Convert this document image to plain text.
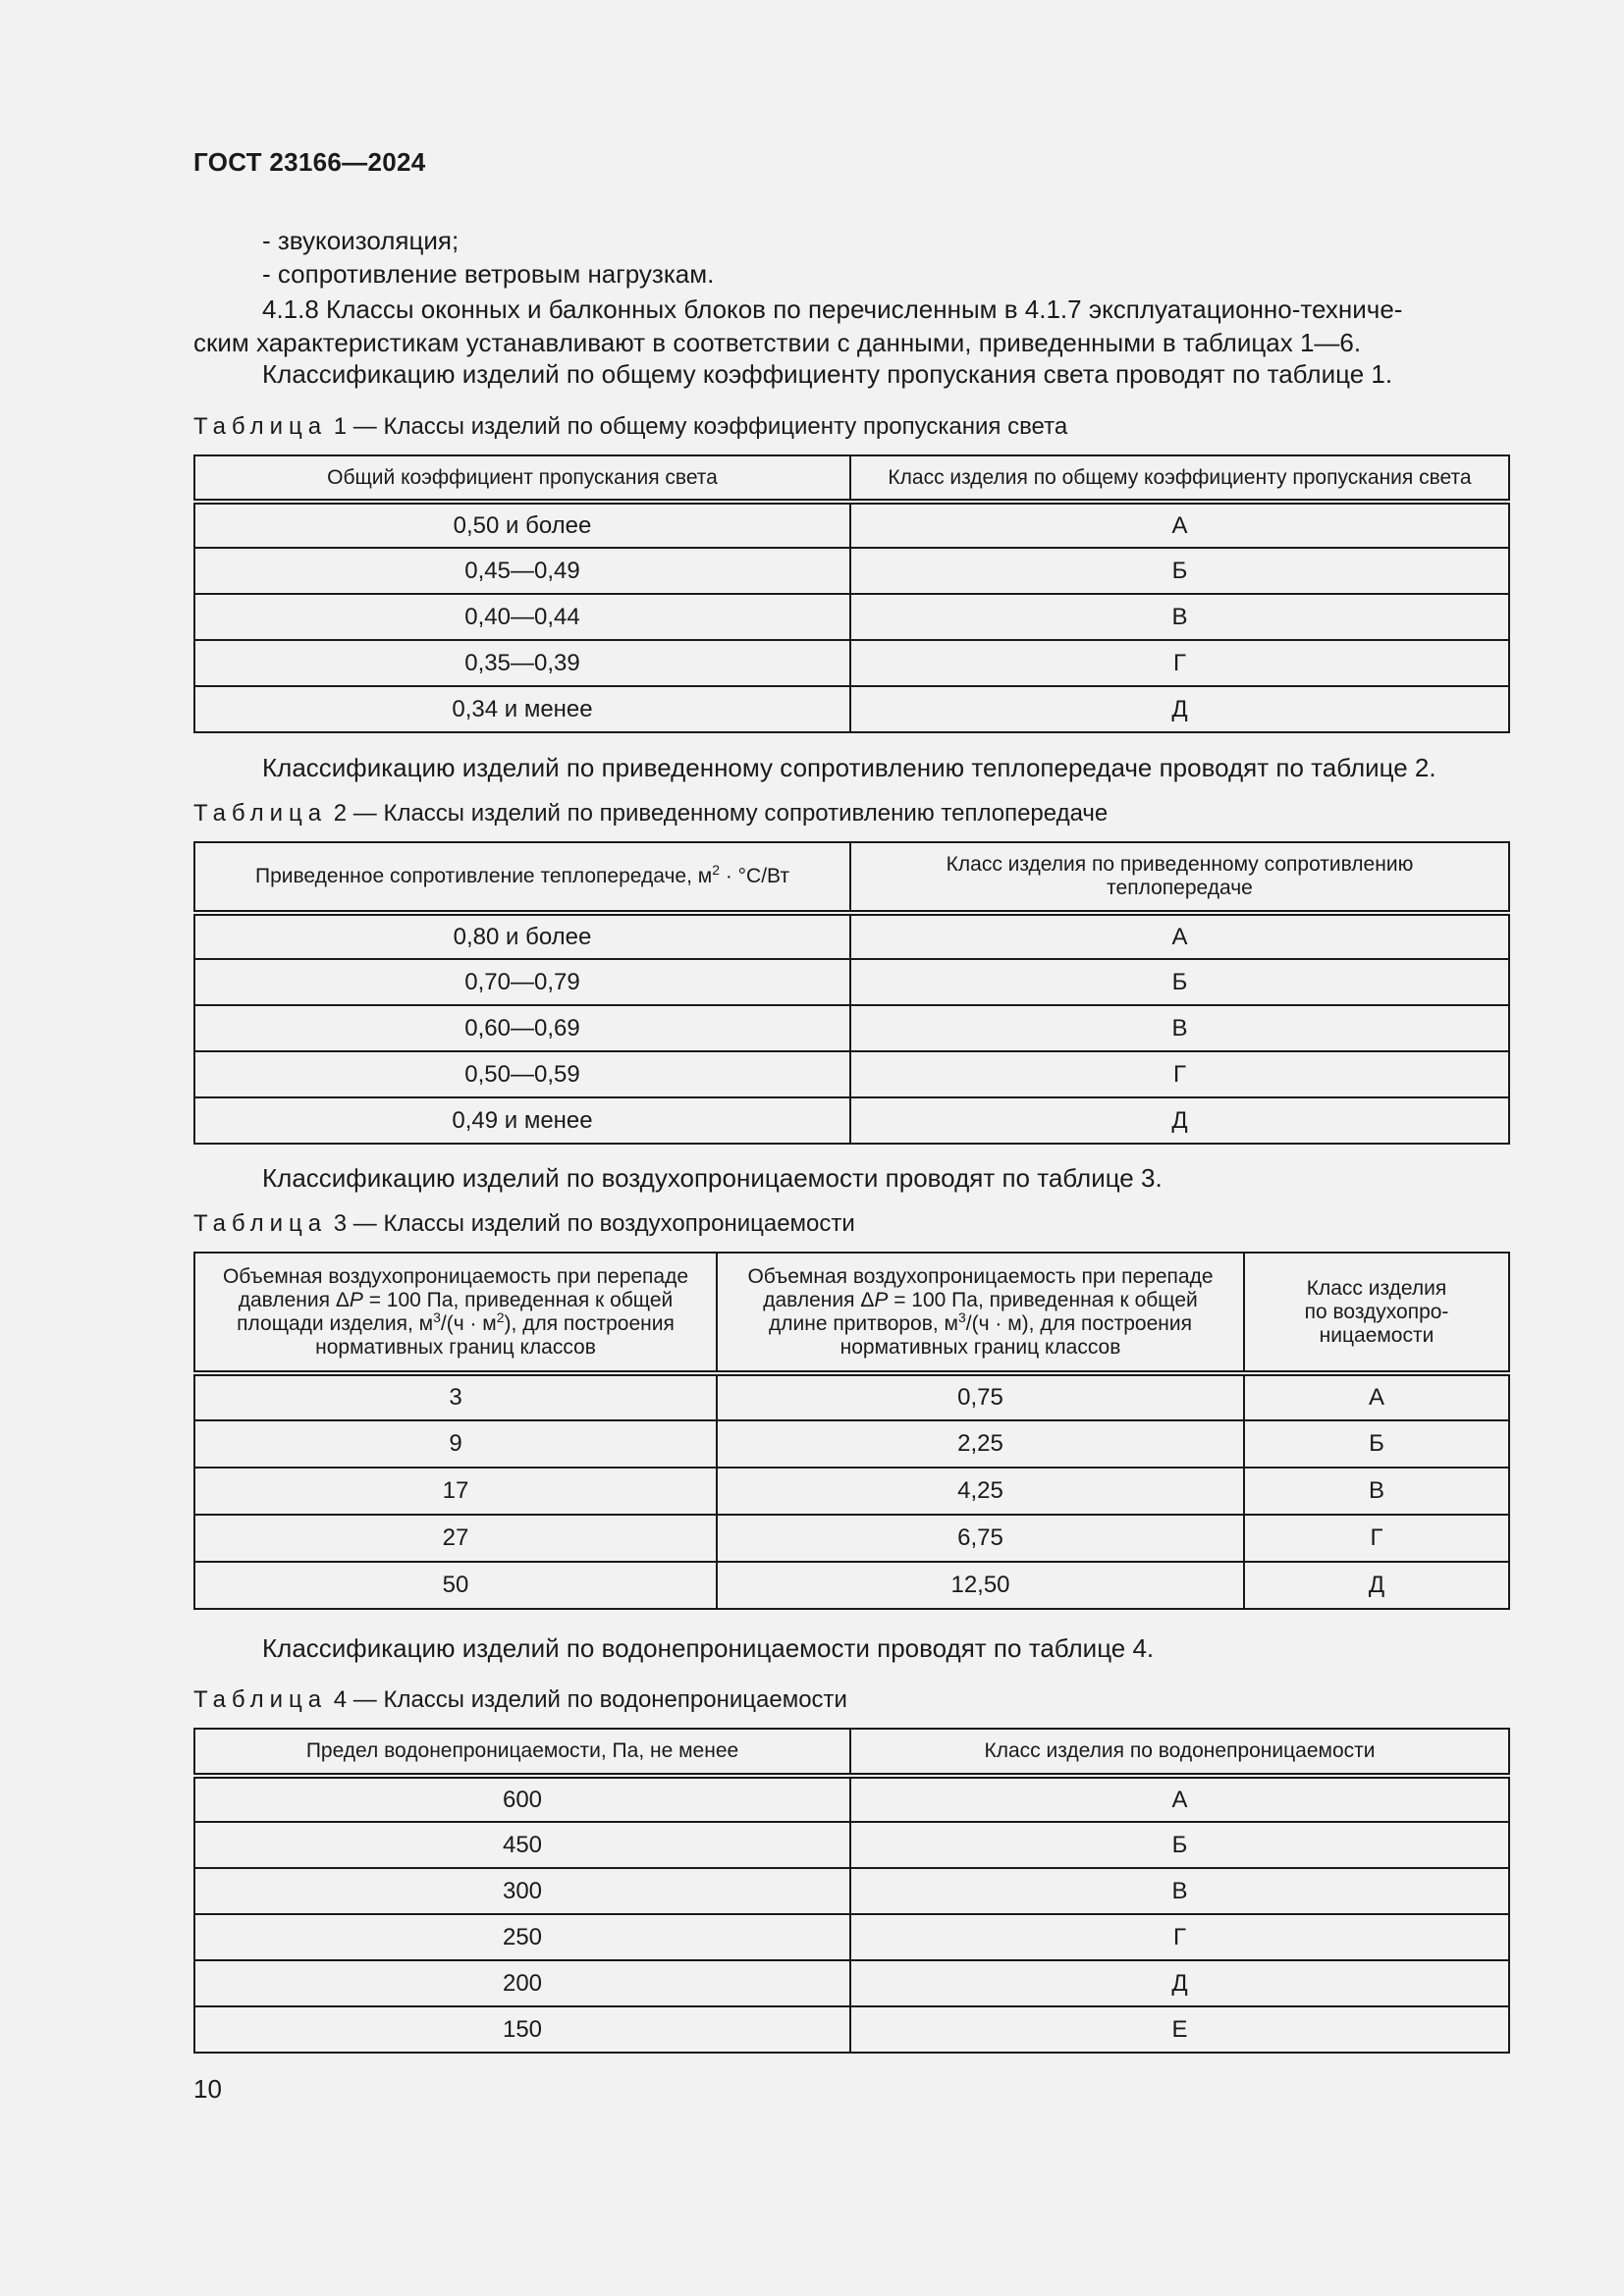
ГОСТ 23166—2024
- звукоизоляция;
- сопротивление ветровым нагрузкам.
4.1.8 Классы оконных и балконных блоков по перечисленным в 4.1.7 эксплуатационно-техниче-
ским характеристикам устанавливают в соответствии с данными, приведенными в таблицах 1—6.
Классификацию изделий по общему коэффициенту пропускания света проводят по таблице 1.
Таблица 1 — Классы изделий по общему коэффициенту пропускания света
Общий коэффициент пропускания света	Класс изделия по общему коэффициенту пропускания света
0,50 и более	А
0,45—0,49	Б
0,40—0,44	В
0,35—0,39	Г
0,34 и менее	Д
Классификацию изделий по приведенному сопротивлению теплопередаче проводят по таблице 2.
Таблица 2 — Классы изделий по приведенному сопротивлению теплопередаче
Приведенное сопротивление теплопередаче, $м^2 \cdot ^\circ С/Вт$	Класс изделия по приведенному сопротивлению теплопередаче
0,80 и более	А
0,70—0,79	Б
0,60—0,69	В
0,50—0,59	Г
0,49 и менее	Д
Классификацию изделий по воздухопроницаемости проводят по таблице 3.
Таблица 3 — Классы изделий по воздухопроницаемости
Объемная воздухопроницаемость при перепаде давления ΔP = 100 Па, приведенная к общей площади изделия, $м^3/(ч \cdot м^2)$, для построения нормативных границ классов	Объемная воздухопроницаемость при перепаде давления ΔP = 100 Па, приведенная к общей длине притворов, $м^3/(ч \cdot м)$, для построения нормативных границ классов	Класс изделия по воздухопро-ницаемости
3	0,75	А
9	2,25	Б
17	4,25	В
27	6,75	Г
50	12,50	Д
Классификацию изделий по водонепроницаемости проводят по таблице 4.
Таблица 4 — Классы изделий по водонепроницаемости
Предел водонепроницаемости, Па, не менее	Класс изделия по водонепроницаемости
600	А
450	Б
300	В
250	Г
200	Д
150	Е
10
